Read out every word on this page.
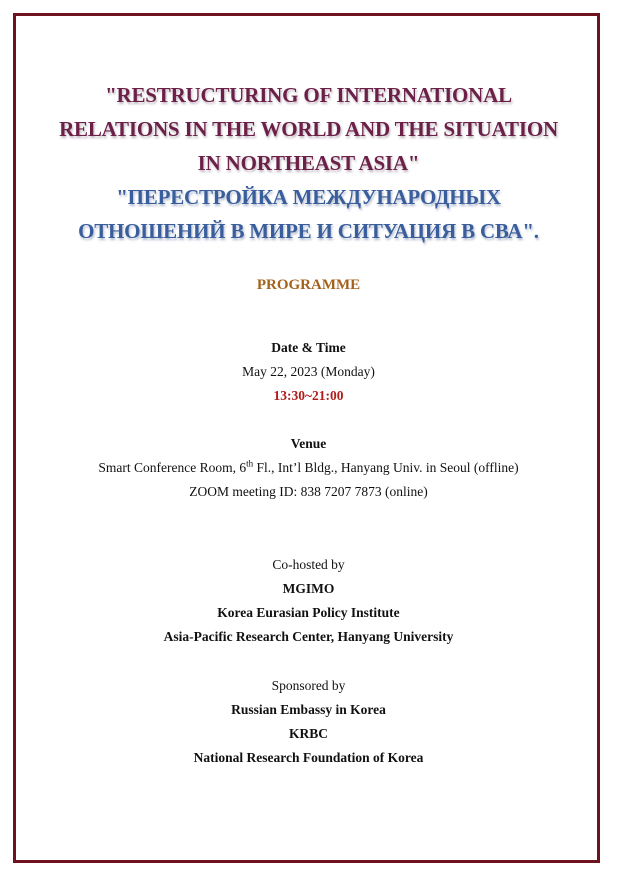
"RESTRUCTURING OF INTERNATIONAL
RELATIONS IN THE WORLD AND THE SITUATION
IN NORTHEAST ASIA"
"ПЕРЕСТРОЙКА МЕЖДУНАРОДНЫХ
ОТНОШЕНИЙ В МИРЕ И СИТУАЦИЯ В СВА".
PROGRAMME
Date & Time
May 22, 2023 (Monday)
13:30~21:00
Venue
Smart Conference Room, 6th Fl., Int’l Bldg., Hanyang Univ. in Seoul (offline)
ZOOM meeting ID: 838 7207 7873 (online)
Co-hosted by
MGIMO
Korea Eurasian Policy Institute
Asia-Pacific Research Center, Hanyang University
Sponsored by
Russian Embassy in Korea
KRBC
National Research Foundation of Korea
